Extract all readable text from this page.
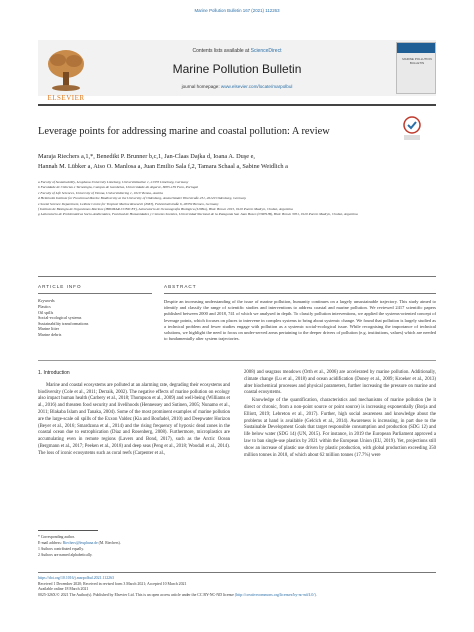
Marine Pollution Bulletin 167 (2021) 112263
ELSEVIER
Contents lists available at ScienceDirect
Marine Pollution Bulletin
journal homepage: www.elsevier.com/locate/marpolbul
MARINE POLLUTION BULLETIN
Leverage points for addressing marine and coastal pollution: A review
Maraja Riechers a,1,*, Benedikt P. Brunner b,c,1, Jan-Claas Dajka d, Ioana A. Duşe e,
Hannah M. Lübker a, Aiso O. Manlosa a, Juan Emilio Sala f,2, Tamara Schaal a, Sabine Weidlich a
a Faculty of Sustainability, Leuphana University Lüneburg, Universitätsallee 1, 21335 Lüneburg, Germany
b Faculdade de Ciências e Tecnologia, Campus de Gambelas, Universidade do Algarve, 8005-139 Faro, Portugal
c Faculty of Life Sciences, University of Vienna, Universitätsring 1, 1010 Vienna, Austria
d Helmholtz Institute for Functional Marine Biodiversity at the University of Oldenburg, Ammerländer Heerstraße 231, 26129 Oldenburg, Germany
e Social Science Department, Leibniz Centre for Tropical Marine Research (ZMT), Fahrenheitstraße 6, 28359 Bremen, Germany
f Instituto de Biología de Organismos Marinos (IBIOMAR-CONICET), Laboratorio de Oceanografía Biológica (LOBio), Blvd. Brown 2915, 9120 Puerto Madryn, Chubut, Argentina
g Laboratorio de Problemáticas Socio-Ambientales, Facultad de Humanidades y Ciencias Sociales, Universidad Nacional de la Patagonia San Juan Bosco (UNPSJB), Blvd. Brown 3051, 9120 Puerto Madryn, Chubut, Argentina
ARTICLE INFO	ABSTRACT
Keywords
Plastics
Oil spills
Social-ecological systems
Sustainability transformations
Marine litter
Marine debris
Despite an increasing understanding of the issue of marine pollution, humanity continues on a largely unsustainable trajectory. This study aimed to identify and classify the range of scientific studies and interventions to address coastal and marine pollution. We reviewed 2417 scientific papers published between 2000 and 2018, 741 of which we analysed in depth. To classify pollution interventions, we applied the systems-oriented concept of leverage points, which focuses on places to intervene in complex systems to bring about systemic change. We found that pollution is largely studied as a technical problem and fewer studies engage with pollution as a systemic social-ecological issue. While recognising the importance of technical solutions, we highlight the need to focus on under-served areas pertaining to the deeper drivers of pollution (e.g. institutions, values) which are needed to fundamentally alter system trajectories.
1. Introduction
Marine and coastal ecosystems are polluted at an alarming rate, degrading their ecosystems and biodiversity (Cole et al., 2011; Derraik, 2002). The negative effects of marine pollution on ecology also impact human health (Carbery et al., 2018; Thompson et al., 2009) and well-being (Williams et al., 2016) and threaten food security and livelihoods (Hennessey and Sutinen, 2005; Nunamo et al., 2011; Blakaba Islam and Tanaka, 2004). Some of the most prominent examples of marine pollution are the large-scale oil spills of the Exxon Valdez (Kia and Boufadel, 2010) and Deepwater Horizon (Beyer et al., 2016; Smardzona et al., 2014) and the rising frequency of hypoxic dead zones in the coastal ocean due to eutrophication (Diaz and Rosenberg, 2008). Furthermore, microplastics are accumulating even in remote regions (Lavers and Bond, 2017), such as the Arctic Ocean (Bergmann et al., 2017; Peeken et al., 2018) and deep seas (Peng et al., 2018; Woodall et al., 2014). The loss of iconic ecosystems such as coral reefs (Carpenter et al.,
2008) and seagrass meadows (Orth et al., 2006) are accelerated by marine pollution. Additionally, climate change (Lu et al., 2018) and ocean acidification (Doney et al., 2009; Kroeker et al., 2013) alter biochemical processes and physical parameters, further increasing the pressure on marine and coastal ecosystems.
Knowledge of the quantification, characteristics and mechanisms of marine pollution (be it direct or chronic, from a non-point source or point source) is increasing exponentially (Borja and Elliott, 2019; Lebreton et al., 2017). Further, high social awareness and knowledge about the problems at hand is available (Gelcich et al., 2014). Awareness is increasing, in part due to the Sustainable Development Goals that target responsible consumption and production (SDG 12) and life below water (SDG 14) (UN, 2015). For instance, in 2019 the European Parliament approved a law to ban single-use plastics by 2021 within the European Union (EU, 2019). Yet, projections still show an increase of plastic use driven by plastic production, with global production exceeding 350 million tonnes in 2018, of which about 62 million tonnes (17.7%) were
* Corresponding author.
E-mail address: Riechers@leuphana.de (M. Riechers).
1 Authors contributed equally.
2 Authors are named alphabetically.
https://doi.org/10.1016/j.marpolbul.2021.112263
Received 1 December 2020; Received in revised form 3 March 2021; Accepted 10 March 2021
Available online 18 March 2021
0025-326X/© 2021 The Author(s). Published by Elsevier Ltd. This is an open access article under the CC BY-NC-ND license (http://creativecommons.org/licenses/by-nc-nd/4.0/).
